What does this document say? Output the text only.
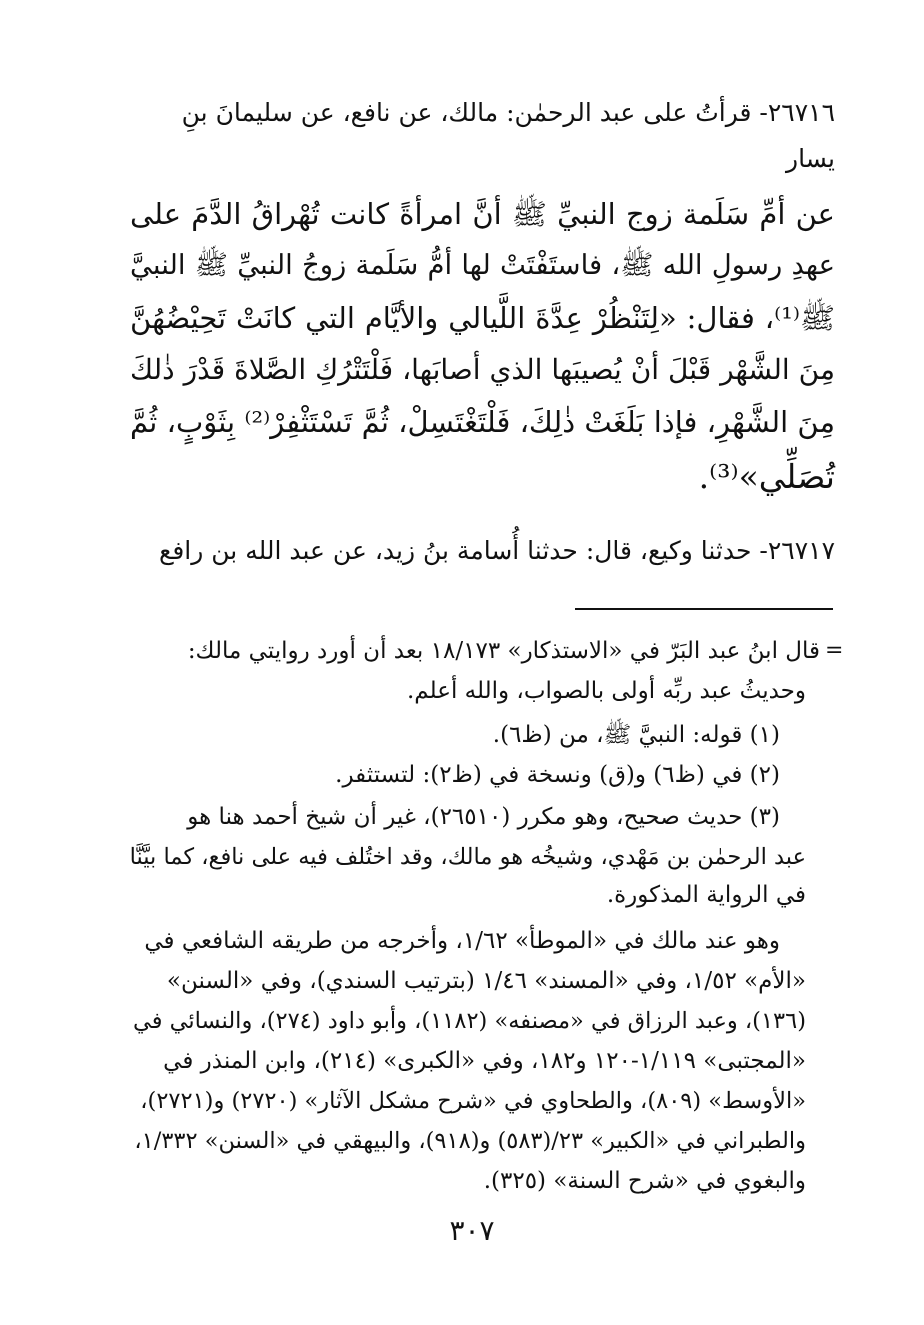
٢٦٧١٦- قرأتُ على عبد الرحمٰن: مالك، عن نافع، عن سليمانَ بنِ
يسار
عن أمِّ سَلَمة زوج النبيِّ ﷺ أنَّ امرأةً كانت تُهْراقُ الدَّمَ على
عهدِ رسولِ الله ﷺ، فاستَفْتَتْ لها أمُّ سَلَمة زوجُ النبيِّ ﷺ النبيَّ
ﷺ⁽¹⁾، فقال: «لِتَنْظُرْ عِدَّةَ اللَّيالي والأيَّام التي كانَتْ تَحِيْضُهُنَّ
مِنَ الشَّهْر قَبْلَ أنْ يُصيبَها الذي أصابَها، فَلْتَتْرُكِ الصَّلاةَ قَدْرَ ذٰلكَ
مِنَ الشَّهْرِ، فإذا بَلَغَتْ ذٰلِكَ، فَلْتَغْتَسِلْ، ثُمَّ تَسْتَثْفِرْ⁽²⁾ بِثَوْبٍ، ثُمَّ
تُصَلِّي»⁽³⁾.
٢٦٧١٧- حدثنا وكيع، قال: حدثنا أُسامة بنُ زيد، عن عبد الله بن رافع
=
قال ابنُ عبد البَرّ في «الاستذكار» ١٨/١٧٣ بعد أن أورد روايتي مالك:
وحديثُ عبد ربِّه أولى بالصواب، والله أعلم.
(١) قوله: النبيَّ ﷺ، من (ظ٦).
(٢) في (ظ٦) و(ق) ونسخة في (ظ٢): لتستثفر.
(٣) حديث صحيح، وهو مكرر (٢٦٥١٠)، غير أن شيخ أحمد هنا هو
عبد الرحمٰن بن مَهْدي، وشيخُه هو مالك، وقد اختُلف فيه على نافع، كما بيَّنَّا
في الرواية المذكورة.
وهو عند مالك في «الموطأ» ١/٦٢، وأخرجه من طريقه الشافعي في
«الأم» ١/٥٢، وفي «المسند» ١/٤٦ (بترتيب السندي)، وفي «السنن»
(١٣٦)، وعبد الرزاق في «مصنفه» (١١٨٢)، وأبو داود (٢٧٤)، والنسائي في
«المجتبى» ١/١١٩-١٢٠ و١٨٢، وفي «الكبرى» (٢١٤)، وابن المنذر في
«الأوسط» (٨٠٩)، والطحاوي في «شرح مشكل الآثار» (٢٧٢٠) و(٢٧٢١)،
والطبراني في «الكبير» ٢٣/(٥٨٣) و(٩١٨)، والبيهقي في «السنن» ١/٣٣٢،
والبغوي في «شرح السنة» (٣٢٥).
٣٠٧
